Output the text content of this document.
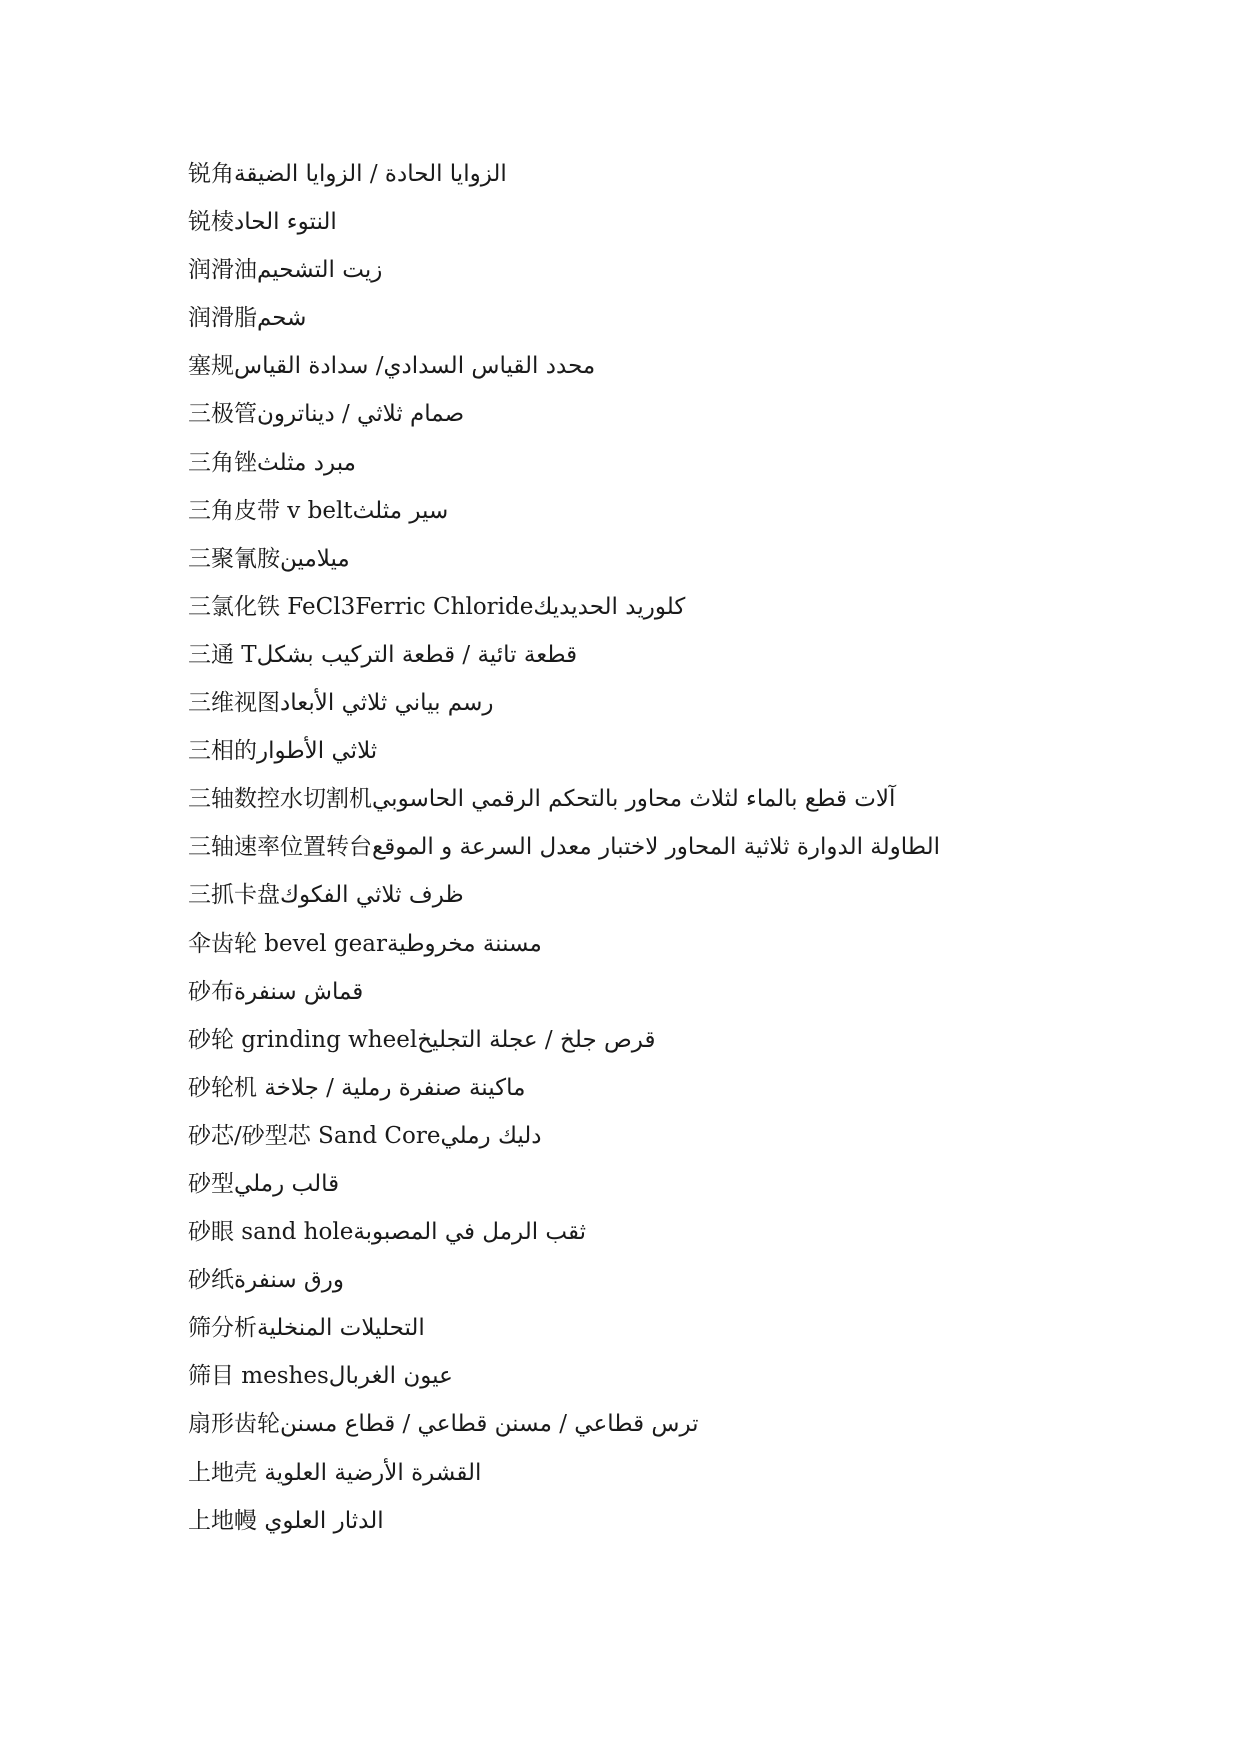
锐角الزوايا الحادة / الزوايا الضيقة
锐棱النتوء الحاد
润滑油زيت التشحيم
润滑脂شحم
塞规محدد القياس السدادي/ سدادة القياس
三极管صمام ثلاثي / ديناترون
三角锉مبرد مثلث
三角皮带 v beltسير مثلث
三聚氰胺ميلامين
三氯化铁 FeCl3Ferric Chlorideكلوريد الحديديك
三通 Tقطعة تائية / قطعة التركيب بشكل
三维视图رسم بياني ثلاثي الأبعاد
三相的ثلاثي الأطوار
三轴数控水切割机آلات قطع بالماء لثلاث محاور بالتحكم الرقمي الحاسوبي
三轴速率位置转台الطاولة الدوارة ثلاثية المحاور لاختبار معدل السرعة و الموقع
三抓卡盘ظرف ثلاثي الفكوك
伞齿轮 bevel gearمسننة مخروطية
砂布قماش سنفرة
砂轮 grinding wheelقرص جلخ / عجلة التجليخ
砂轮机 ماكينة صنفرة رملية / جلاخة
砂芯/砂型芯 Sand Coreدليك رملي
砂型قالب رملي
砂眼 sand holeثقب الرمل في المصبوبة
砂纸ورق سنفرة
筛分析التحليلات المنخلية
筛目 meshesعيون الغربال
扇形齿轮ترس قطاعي / مسنن قطاعي / قطاع مسنن
上地壳 القشرة الأرضية العلوية
上地幔 الدثار العلوي
